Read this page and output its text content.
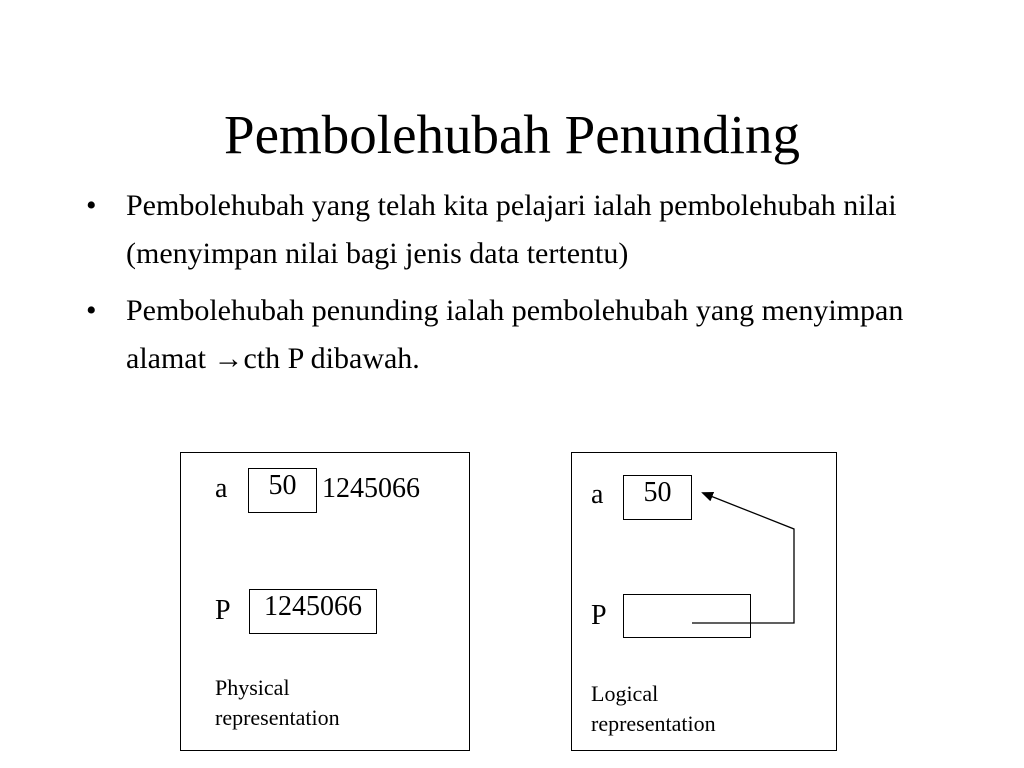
Pembolehubah Penunding
• Pembolehubah yang telah kita pelajari ialah pembolehubah nilai (menyimpan nilai bagi jenis data tertentu)
• Pembolehubah penunding ialah pembolehubah yang menyimpan alamat →cth P dibawah.
a	50 1245066
P	1245066
Physical
representation
a	50
P
Logical
representation
